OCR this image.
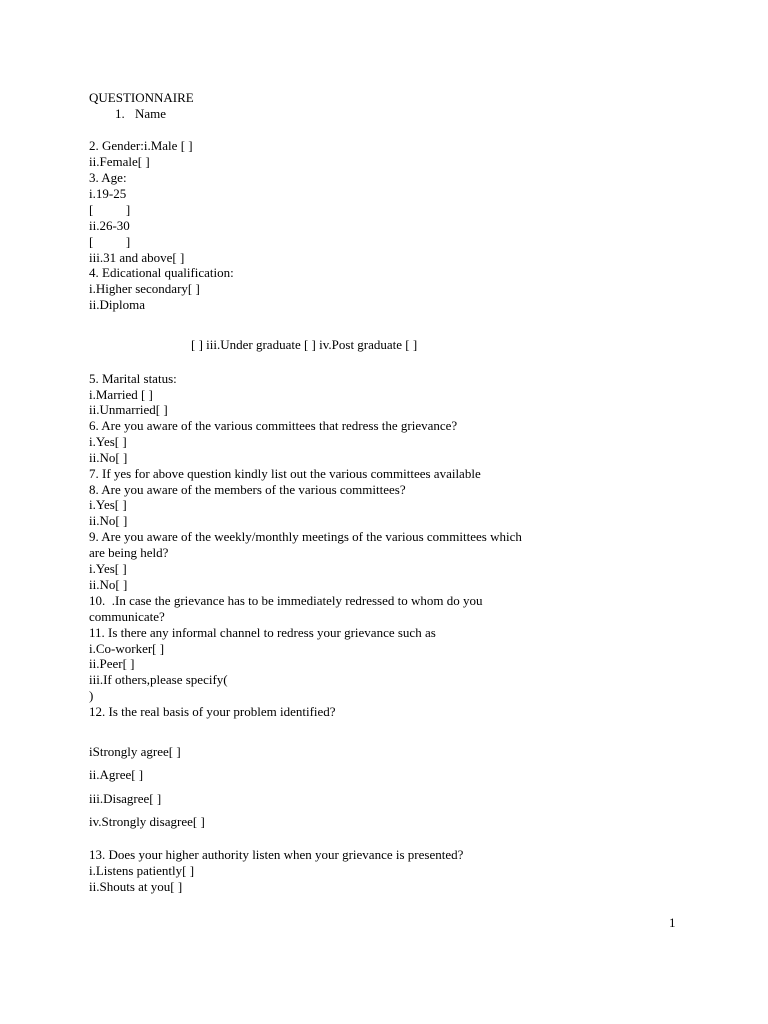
QUESTIONNAIRE
1. Name
2. Gender:i.Male [ ]
ii.Female[ ]
3. Age:
i.19-25
[          ]
ii.26-30
[          ]
iii.31 and above[ ]
4. Edicational qualification:
i.Higher secondary[ ]
ii.Diploma
[ ] iii.Under graduate [ ] iv.Post graduate [ ]
5. Marital status:
i.Married [ ]
ii.Unmarried[ ]
6. Are you aware of the various committees that redress the grievance?
i.Yes[ ]
ii.No[ ]
7. If yes for above question kindly list out the various committees available
8. Are you aware of the members of the various committees?
i.Yes[ ]
ii.No[ ]
9. Are you aware of the weekly/monthly meetings of the various committees which
are being held?
i.Yes[ ]
ii.No[ ]
10.  .In case the grievance has to be immediately redressed to whom do you
communicate?
11. Is there any informal channel to redress your grievance such as
i.Co-worker[ ]
ii.Peer[ ]
iii.If others,please specify(
)
12. Is the real basis of your problem identified?
iStrongly agree[ ]
ii.Agree[ ]
iii.Disagree[ ]
iv.Strongly disagree[ ]
13. Does your higher authority listen when your grievance is presented?
i.Listens patiently[ ]
ii.Shouts at you[ ]
1
